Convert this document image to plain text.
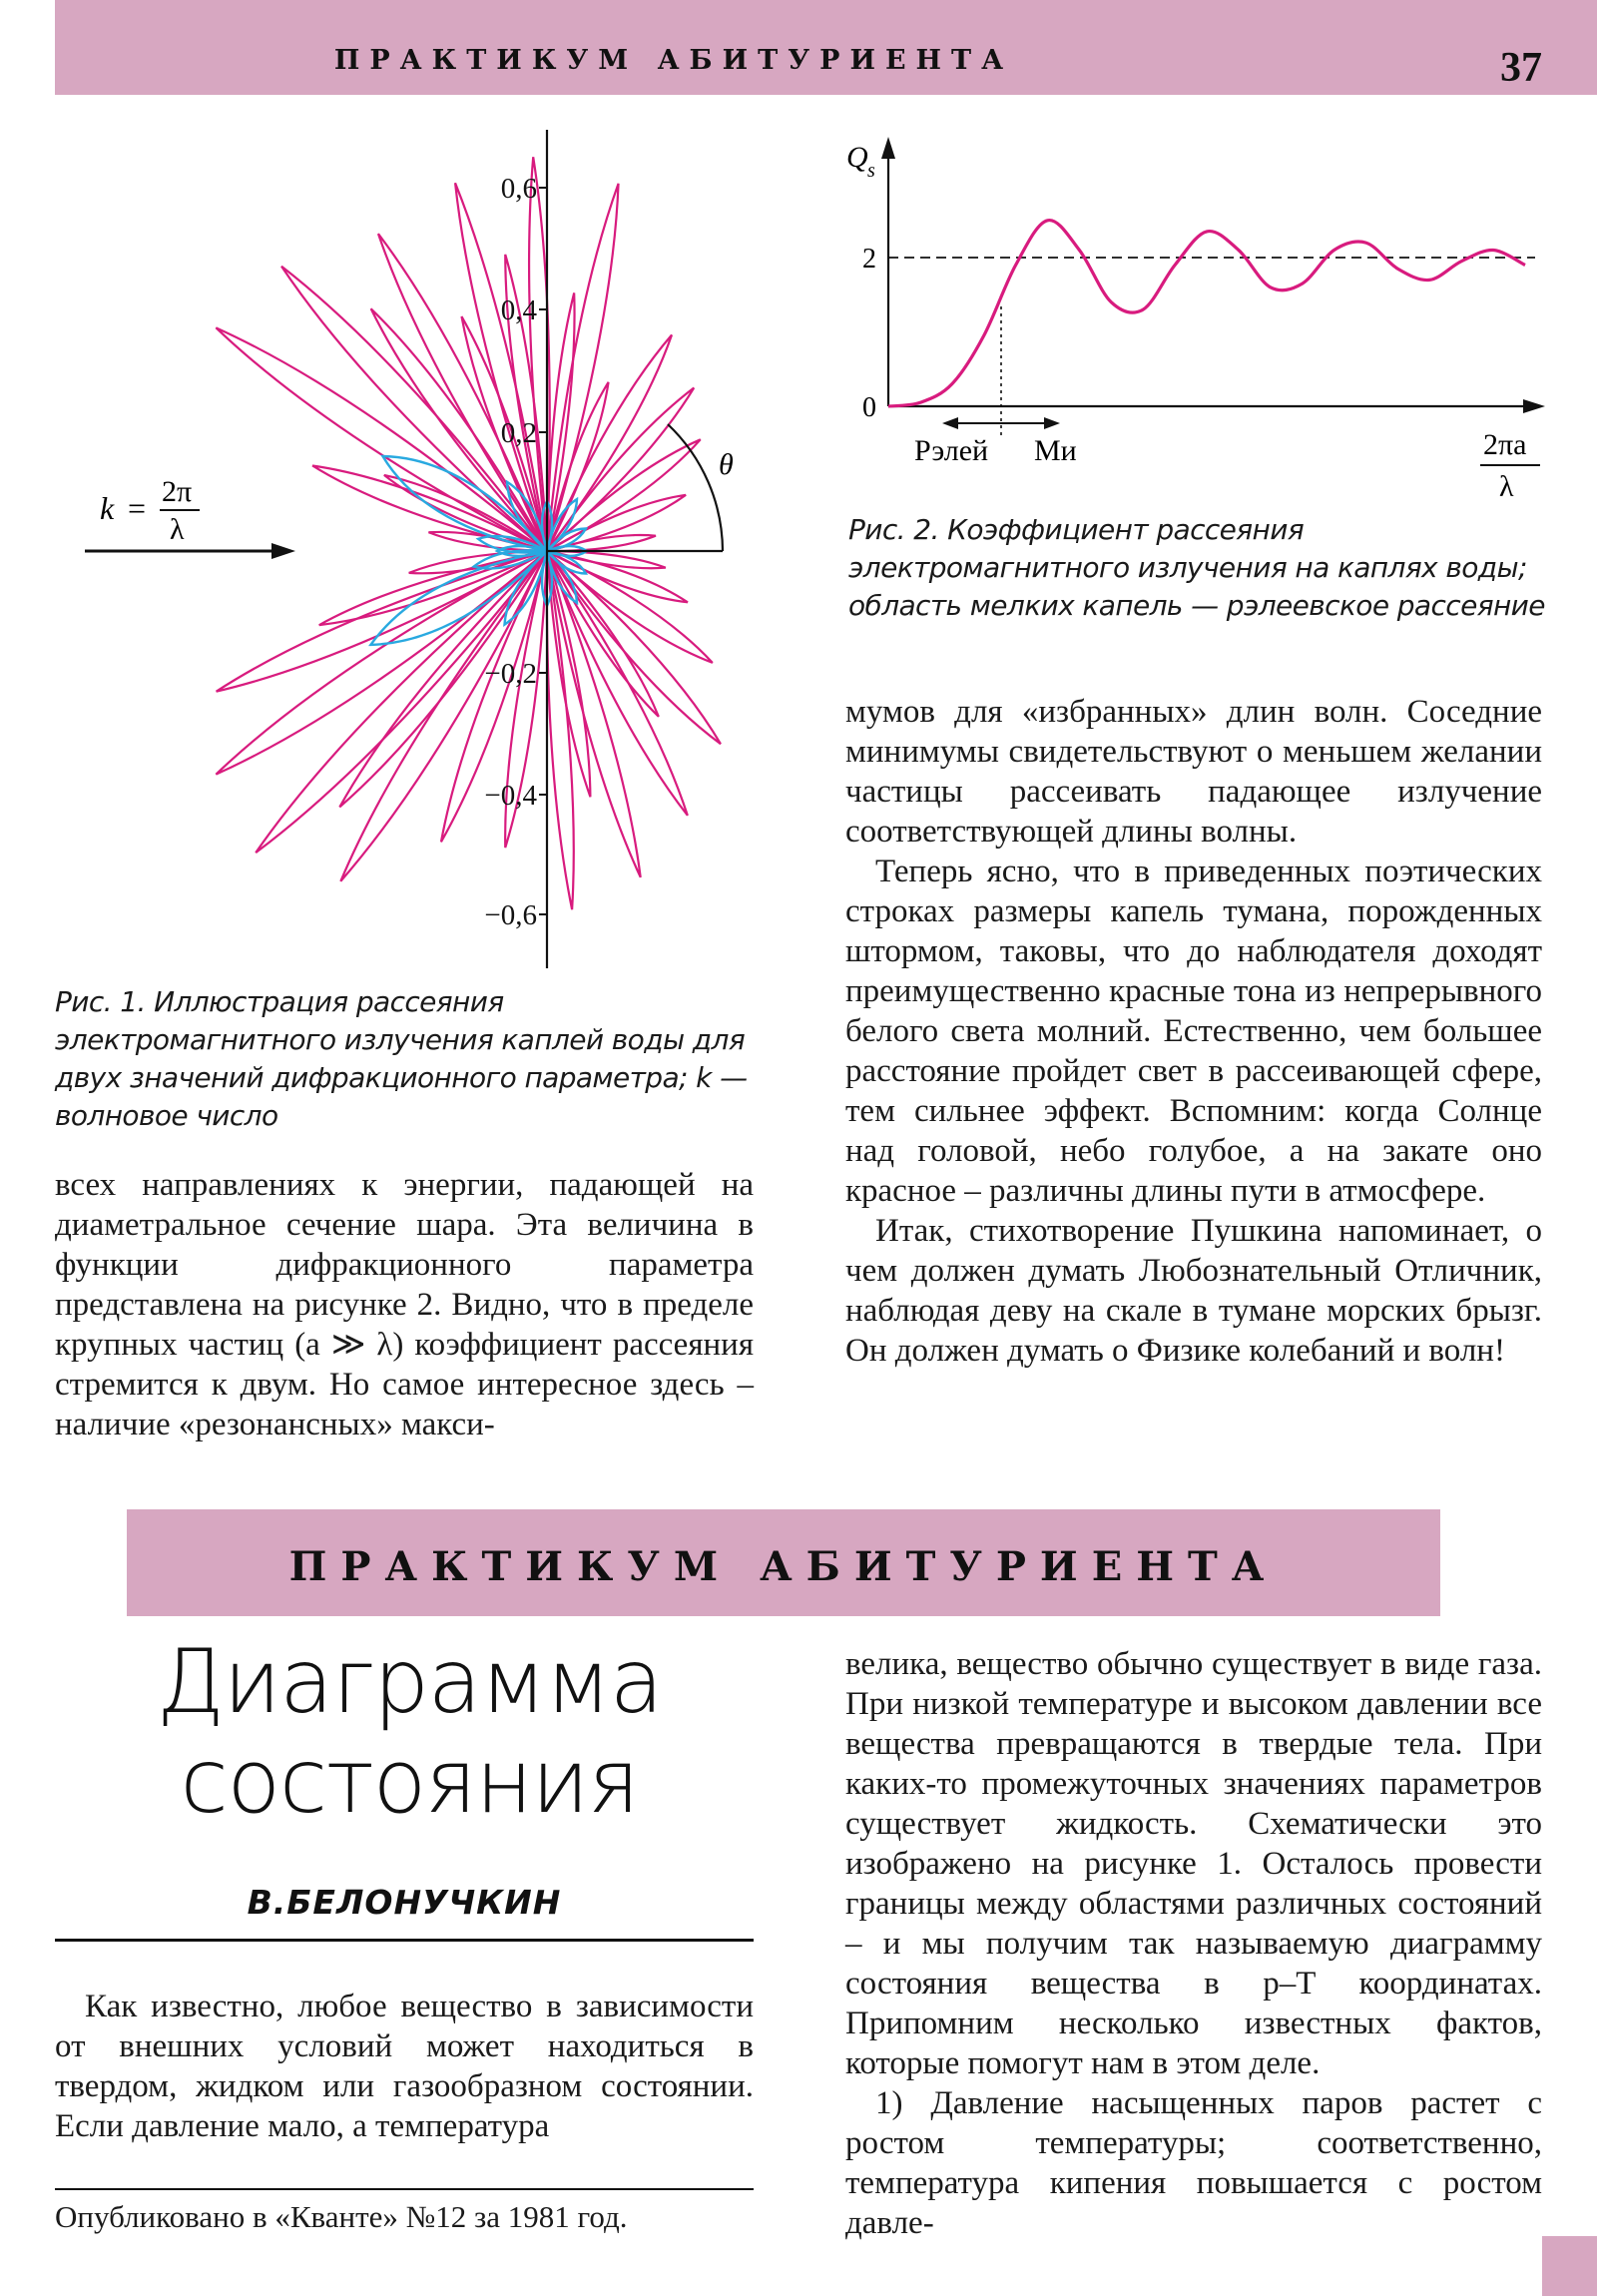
ПРАКТИКУМ АБИТУРИЕНТА	37
0,6
0,4
0,2
−0,2
−0,4
−0,6
θ
k = 2π
λ
Рис. 1. Иллюстрация рассеяния электромагнитного излучения каплей воды для двух значений дифракционного параметра; k — волновое число
Q s
2
0
Рэлей Ми	2πa
λ
Рис. 2. Коэффициент рассеяния электромагнитного излучения на каплях воды; область мелких капель — рэлеевское рассеяние

всех направлениях к энергии, падающей на диаметральное сечение шара. Эта величина в функции дифракционного параметра представлена на рисунке 2. Видно, что в пределе крупных частиц (a ≫ λ) коэффициент рассеяния стремится к двум. Но самое интересное здесь – наличие «резонансных» макси-

мумов для «избранных» длин волн. Соседние минимумы свидетельствуют о меньшем желании частицы рассеивать падающее излучение соответствующей длины волны.

Теперь ясно, что в приведенных поэтических строках размеры капель тумана, порожденных штормом, таковы, что до наблюдателя доходят преимущественно красные тона из непрерывного белого света молний. Естественно, чем большее расстояние пройдет свет в рассеивающей сфере, тем сильнее эффект. Вспомним: когда Солнце над головой, небо голубое, а на закате оно красное – различны длины пути в атмосфере.

Итак, стихотворение Пушкина напоминает, о чем должен думать Любознательный Отличник, наблюдая деву на скале в тумане морских брызг. Он должен думать о Физике колебаний и волн!

ПРАКТИКУМ АБИТУРИЕНТА
Диаграмма
состояния
В.БЕЛОНУЧКИН

Как известно, любое вещество в зависимости от внешних условий может находиться в твердом, жидком или газообразном состоянии. Если давление мало, а температура

Опубликовано в «Кванте» №12 за 1981 год.

велика, вещество обычно существует в виде газа. При низкой температуре и высоком давлении все вещества превращаются в твердые тела. При каких-то промежуточных значениях параметров существует жидкость. Схематически это изображено на рисунке 1. Осталось провести границы между областями различных состояний – и мы получим так называемую диаграмму состояния вещества в p–T координатах. Припомним несколько известных фактов, которые помогут нам в этом деле.

1) Давление насыщенных паров растет с ростом температуры; соответственно, температура кипения повышается с ростом давле-
